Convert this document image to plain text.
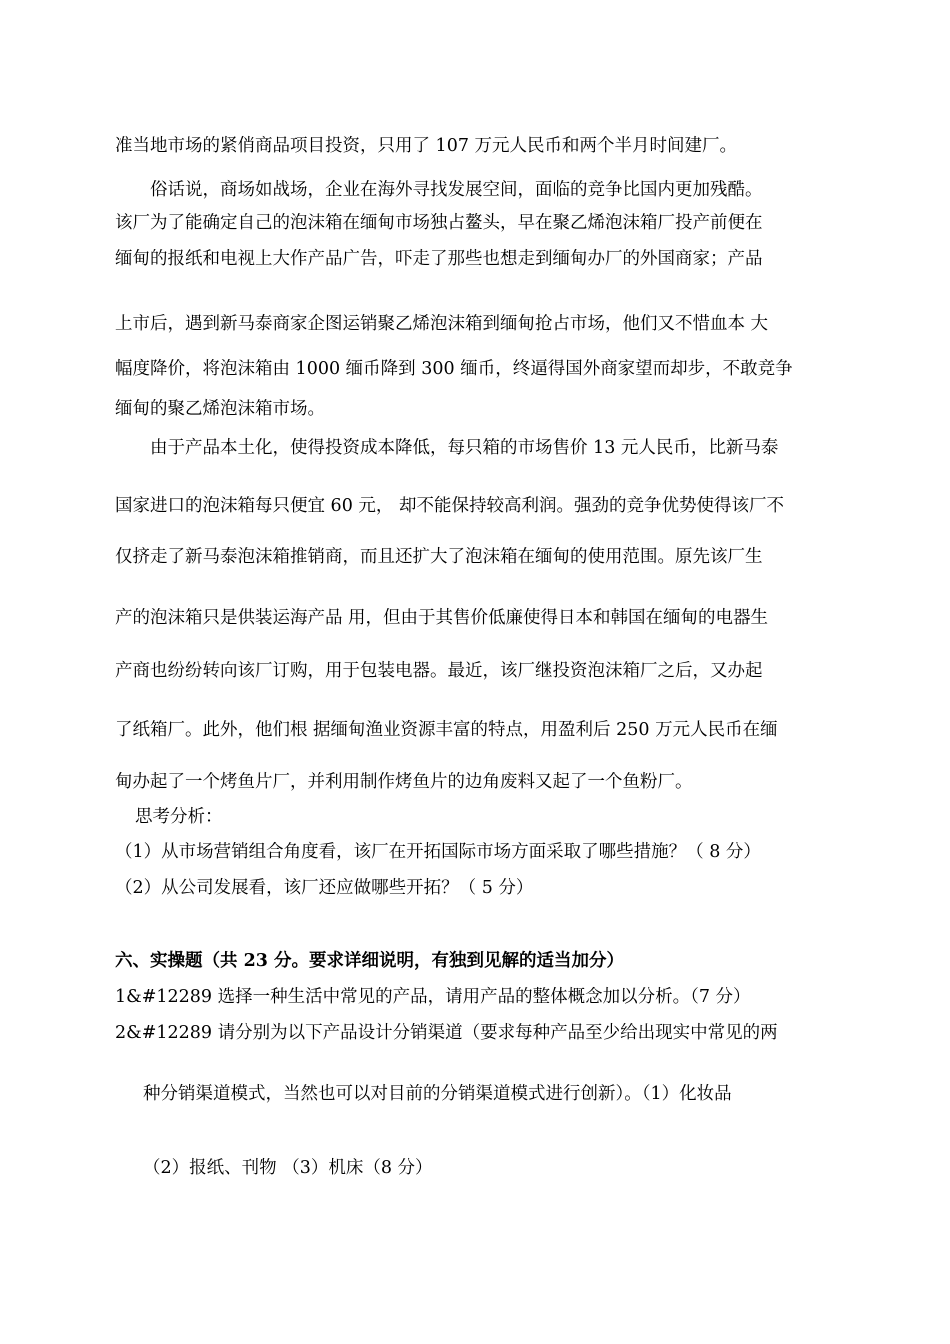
准当地市场的紧俏商品项目投资，只用了 107 万元人民币和两个半月时间建厂。

俗话说，商场如战场，企业在海外寻找发展空间，面临的竞争比国内更加残酷。

该厂为了能确定自己的泡沫箱在缅甸市场独占鳌头，早在聚乙烯泡沫箱厂投产前便在

缅甸的报纸和电视上大作产品广告，吓走了那些也想走到缅甸办厂的外国商家；产品

上市后，遇到新马泰商家企图运销聚乙烯泡沫箱到缅甸抢占市场，他们又不惜血本 大

幅度降价，将泡沫箱由 1000 缅币降到 300 缅币，终逼得国外商家望而却步，不敢竞争

缅甸的聚乙烯泡沫箱市场。

由于产品本土化，使得投资成本降低，每只箱的市场售价 13 元人民币，比新马泰

国家进口的泡沫箱每只便宜 60 元， 却不能保持较高利润。强劲的竞争优势使得该厂不

仅挤走了新马泰泡沫箱推销商，而且还扩大了泡沫箱在缅甸的使用范围。原先该厂生

产的泡沫箱只是供装运海产品 用，但由于其售价低廉使得日本和韩国在缅甸的电器生

产商也纷纷转向该厂订购，用于包装电器。最近，该厂继投资泡沫箱厂之后，又办起

了纸箱厂。此外，他们根 据缅甸渔业资源丰富的特点，用盈利后 250 万元人民币在缅

甸办起了一个烤鱼片厂，并利用制作烤鱼片的边角废料又起了一个鱼粉厂。

思考分析：

（1）从市场营销组合角度看，该厂在开拓国际市场方面采取了哪些措施？（ 8 分）

（2）从公司发展看，该厂还应做哪些开拓？（ 5 分）

六、实操题（共 23 分。要求详细说明，有独到见解的适当加分）

1&#12289 选择一种生活中常见的产品，请用产品的整体概念加以分析。（7 分）

2&#12289 请分别为以下产品设计分销渠道（要求每种产品至少给出现实中常见的两

种分销渠道模式，当然也可以对目前的分销渠道模式进行创新）。（1）化妆品

（2）报纸、刊物 （3）机床（8 分）
